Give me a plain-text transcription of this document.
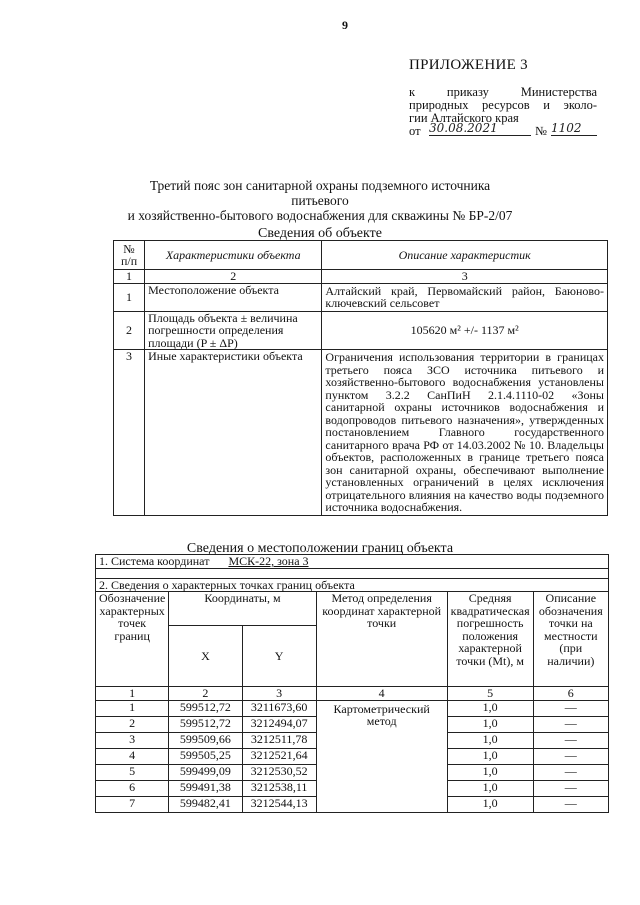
9
ПРИЛОЖЕНИЕ 3
к приказу Министерства
природных ресурсов и эколо-
гии Алтайского края
от 30.08.2021	№ 1102
Третий пояс зон санитарной охраны подземного источника питьевого
и хозяйственно-бытового водоснабжения для скважины № БР-2/07
Сведения об объекте
№ п/п	Характеристики объекта	Описание характеристик
1	2	3
1	Местоположение объекта	Алтайский край, Первомайский район, Баюново-ключевский сельсовет
2	Площадь объекта ± величина погрешности определения площади (P ± ΔP)	105620 м² +/- 1137 м²
3	Иные характеристики объекта	Ограничения использования территории в границах третьего пояса ЗСО источника питьевого и хозяйственно-бытового водоснабжения установлены пунктом 3.2.2 СанПиН 2.1.4.1110-02 «Зоны санитарной охраны источников водоснабжения и водопроводов питьевого назначения», утвержденных постановлением Главного государственного санитарного врача РФ от 14.03.2002 № 10. Владельцы объектов, расположенных в границе третьего пояса зон санитарной охраны, обеспечивают выполнение установленных ограничений в целях исключения отрицательного влияния на качество воды подземного источника водоснабжения.
Сведения о местоположении границ объекта
1. Система координат МСК-22, зона 3					

2. Сведения о характерных точках границ объекта					
Обозначение характерных точек границ	Координаты, м		Метод определения координат характерной точки	Средняя квадратическая погрешность положения характерной точки (Mt), м	Описание обозначения точки на местности (при наличии)
	X	Y			
1	2	3	4	5	6
1	599512,72	3211673,60	Картометрический метод	1,0	—
2	599512,72	3212494,07		1,0	—
3	599509,66	3212511,78		1,0	—
4	599505,25	3212521,64		1,0	—
5	599499,09	3212530,52		1,0	—
6	599491,38	3212538,11		1,0	—
7	599482,41	3212544,13		1,0	—
